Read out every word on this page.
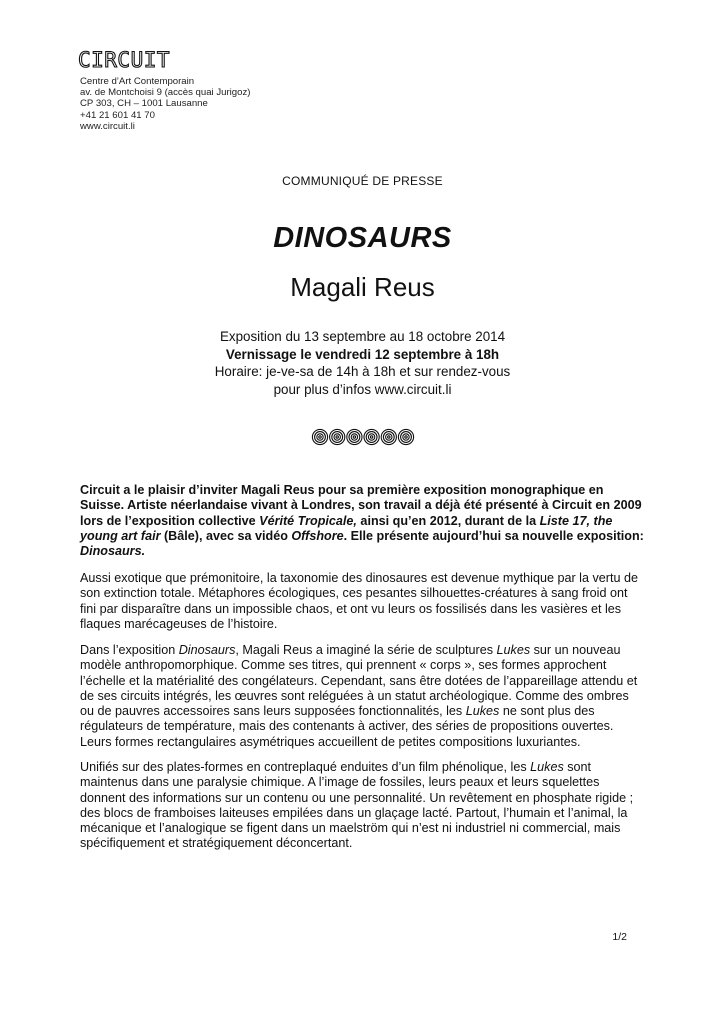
CIRCUIT
Centre d’Art Contemporain
av. de Montchoisi 9 (accès quai Jurigoz)
CP 303, CH – 1001 Lausanne
+41 21 601 41 70
www.circuit.li
COMMUNIQUÉ DE PRESSE
DINOSAURS
Magali Reus
Exposition du 13 septembre au 18 octobre 2014
Vernissage le vendredi 12 septembre à 18h
Horaire: je-ve-sa de 14h à 18h et sur rendez-vous
pour plus d’infos www.circuit.li

Circuit a le plaisir d’inviter Magali Reus pour sa première exposition monographique en Suisse. Artiste néerlandaise vivant à Londres, son travail a déjà été présenté à Circuit en 2009 lors de l’exposition collective Vérité Tropicale, ainsi qu’en 2012, durant de la Liste 17, the young art fair (Bâle), avec sa vidéo Offshore. Elle présente aujourd’hui sa nouvelle exposition: Dinosaurs.

Aussi exotique que prémonitoire, la taxonomie des dinosaures est devenue mythique par la vertu de son extinction totale. Métaphores écologiques, ces pesantes silhouettes-créatures à sang froid ont fini par disparaître dans un impossible chaos, et ont vu leurs os fossilisés dans les vasières et les flaques marécageuses de l’histoire.

Dans l’exposition Dinosaurs, Magali Reus a imaginé la série de sculptures Lukes sur un nouveau modèle anthropomorphique. Comme ses titres, qui prennent « corps », ses formes approchent l’échelle et la matérialité des congélateurs. Cependant, sans être dotées de l’appareillage attendu et de ses circuits intégrés, les œuvres sont reléguées à un statut archéologique. Comme des ombres ou de pauvres accessoires sans leurs supposées fonctionnalités, les Lukes ne sont plus des régulateurs de température, mais des contenants à activer, des séries de propositions ouvertes. Leurs formes rectangulaires asymétriques accueillent de petites compositions luxuriantes.

Unifiés sur des plates-formes en contreplaqué enduites d’un film phénolique, les Lukes sont maintenus dans une paralysie chimique. A l’image de fossiles, leurs peaux et leurs squelettes donnent des informations sur un contenu ou une personnalité. Un revêtement en phosphate rigide ; des blocs de framboises laiteuses empilées dans un glaçage lacté. Partout, l’humain et l’animal, la mécanique et l’analogique se figent dans un maelström qui n’est ni industriel ni commercial, mais spécifiquement et stratégiquement déconcertant.

1/2
